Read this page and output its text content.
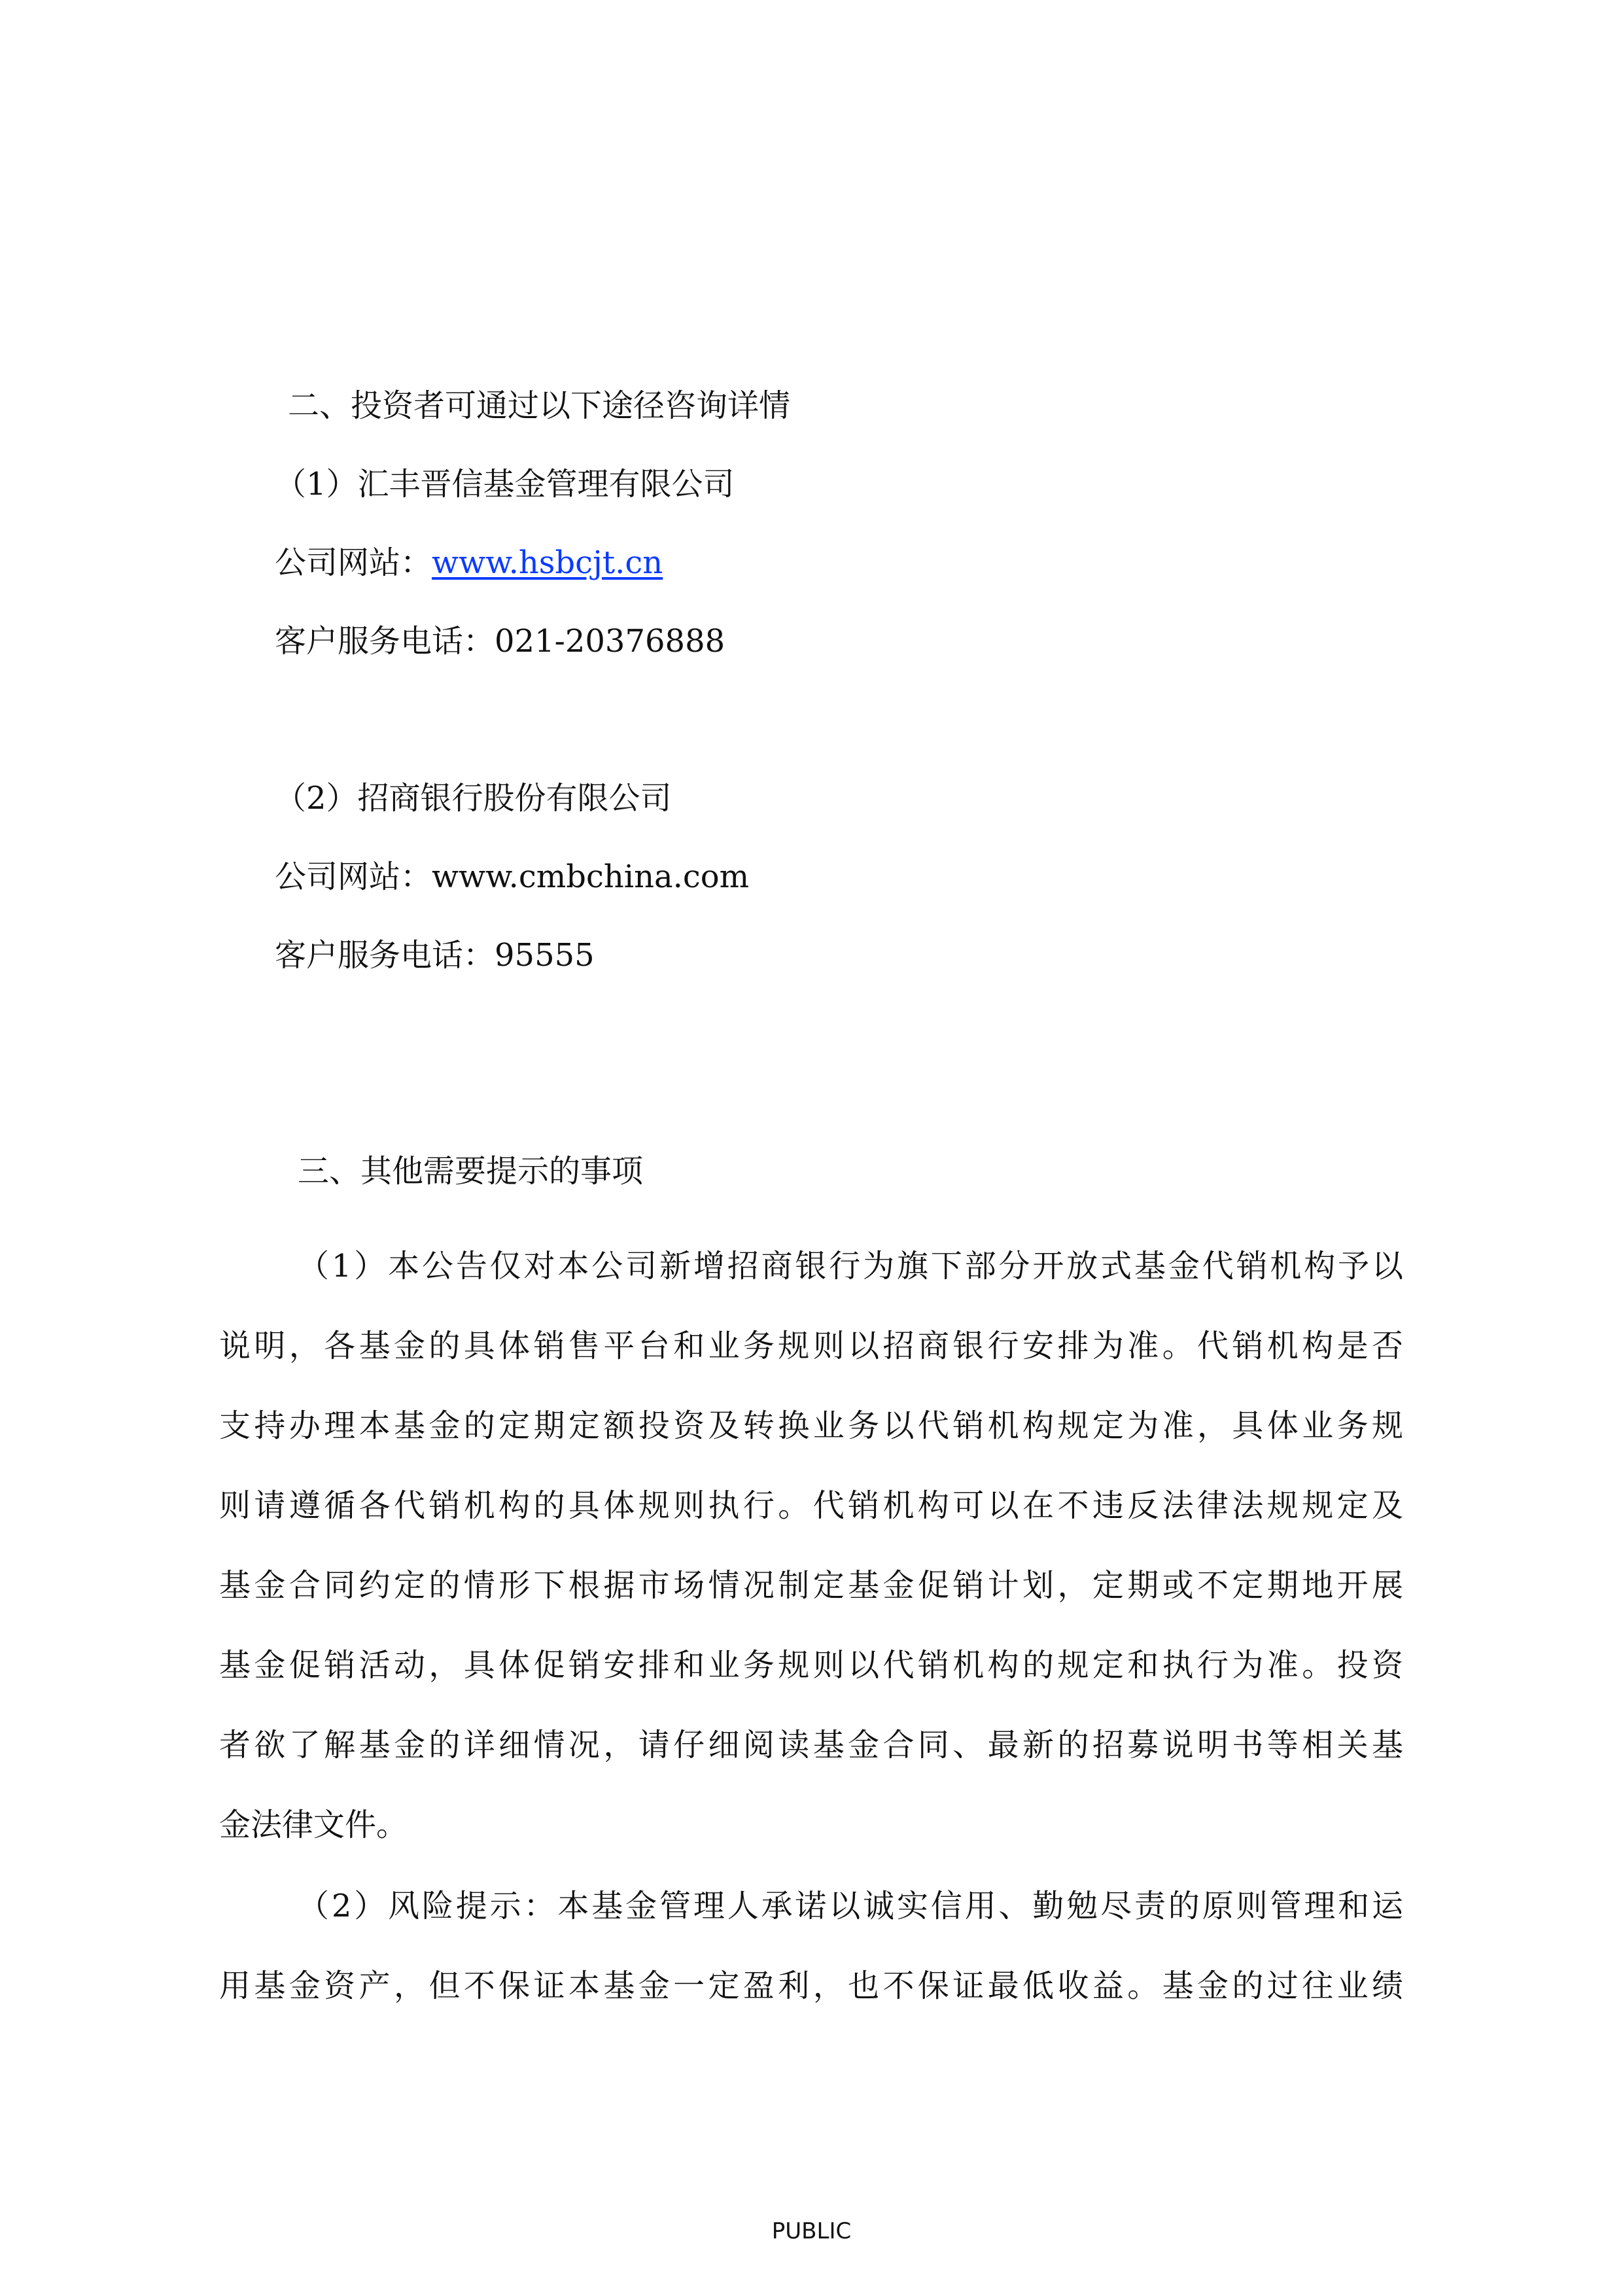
二、投资者可通过以下途径咨询详情
（1）汇丰晋信基金管理有限公司
公司网站：www.hsbcjt.cn
客户服务电话：021-20376888
（2）招商银行股份有限公司
公司网站：www.cmbchina.com
客户服务电话：95555
三、其他需要提示的事项
（1）本公告仅对本公司新增招商银行为旗下部分开放式基金代销机构予以
说明，各基金的具体销售平台和业务规则以招商银行安排为准。代销机构是否
支持办理本基金的定期定额投资及转换业务以代销机构规定为准，具体业务规
则请遵循各代销机构的具体规则执行。代销机构可以在不违反法律法规规定及
基金合同约定的情形下根据市场情况制定基金促销计划，定期或不定期地开展
基金促销活动，具体促销安排和业务规则以代销机构的规定和执行为准。投资
者欲了解基金的详细情况，请仔细阅读基金合同、最新的招募说明书等相关基
金法律文件。
（2）风险提示：本基金管理人承诺以诚实信用、勤勉尽责的原则管理和运
用基金资产，但不保证本基金一定盈利，也不保证最低收益。基金的过往业绩
PUBLIC
